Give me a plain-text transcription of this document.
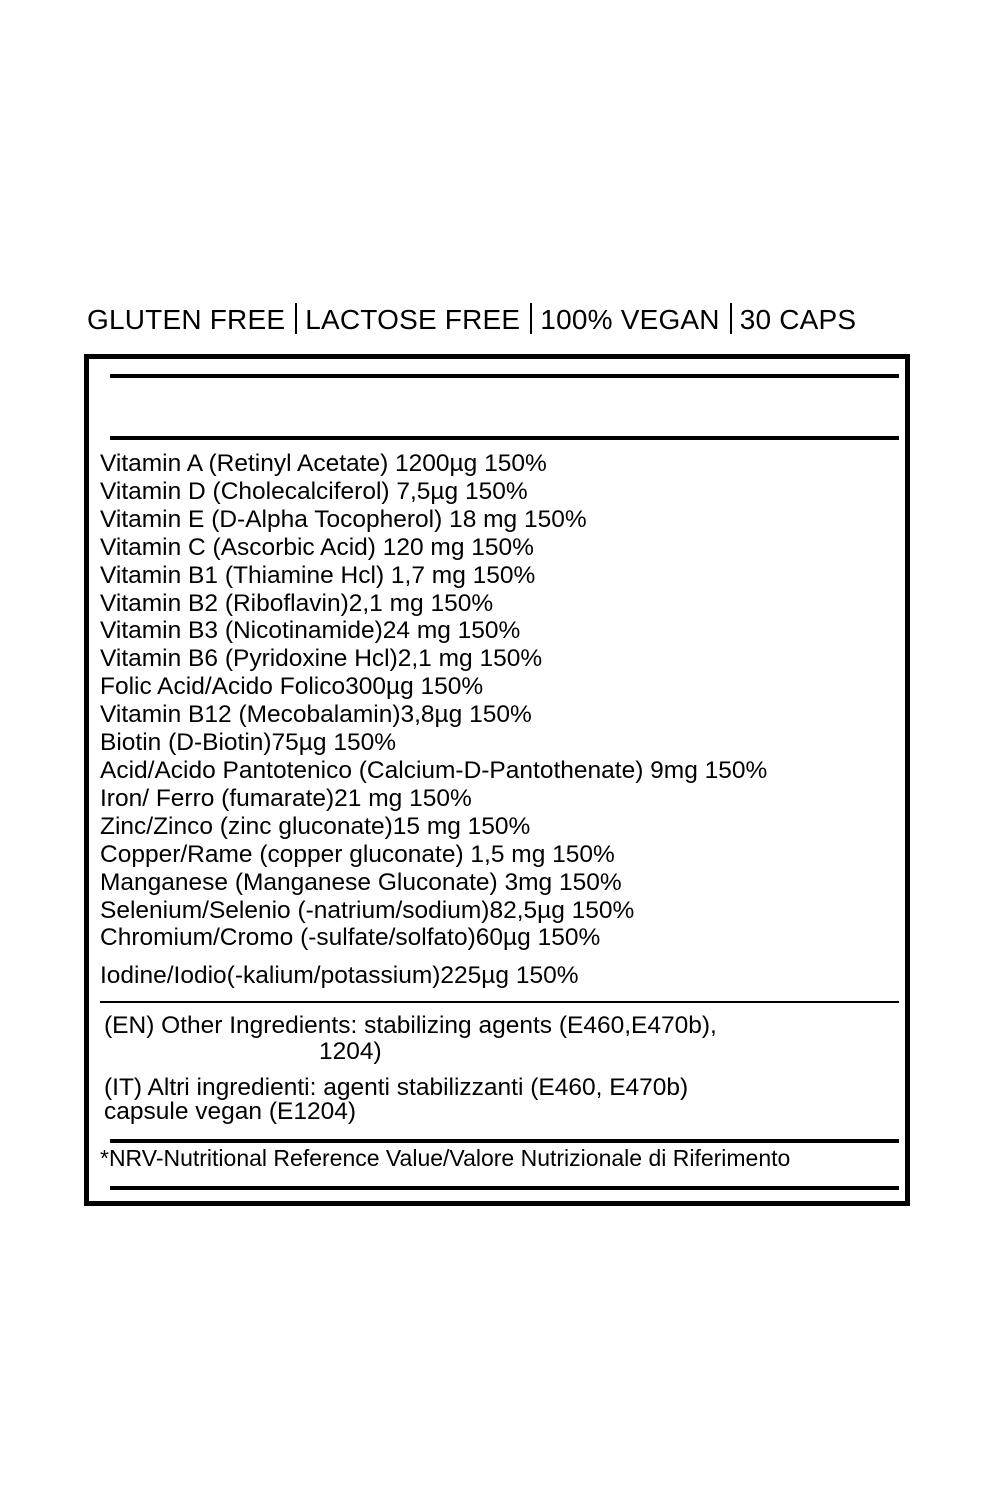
GLUTEN FREE LACTOSE FREE 100% VEGAN 30 CAPS
Vitamin A (Retinyl Acetate) 1200µg 150%
Vitamin D (Cholecalciferol) 7,5µg 150%
Vitamin E (D-Alpha Tocopherol) 18 mg 150%
Vitamin C (Ascorbic Acid) 120 mg 150%
Vitamin B1 (Thiamine Hcl) 1,7 mg 150%
Vitamin B2 (Riboflavin)2,1 mg 150%
Vitamin B3 (Nicotinamide)24 mg 150%
Vitamin B6 (Pyridoxine Hcl)2,1 mg 150%
Folic Acid/Acido Folico300µg 150%
Vitamin B12 (Mecobalamin)3,8µg 150%
Biotin (D-Biotin)75µg 150%
Acid/Acido Pantotenico (Calcium-D-Pantothenate) 9mg 150%
Iron/ Ferro (fumarate)21 mg 150%
Zinc/Zinco (zinc gluconate)15 mg 150%
Copper/Rame (copper gluconate) 1,5 mg 150%
Manganese (Manganese Gluconate) 3mg 150%
Selenium/Selenio (-natrium/sodium)82,5µg 150%
Chromium/Cromo (-sulfate/solfato)60µg 150%
Iodine/Iodio(-kalium/potassium)225µg 150%
(EN) Other Ingredients: stabilizing agents (E460,E470b),
1204)
(IT) Altri ingredienti: agenti stabilizzanti (E460, E470b)
capsule vegan (E1204)
*NRV-Nutritional Reference Value/Valore Nutrizionale di Riferimento
